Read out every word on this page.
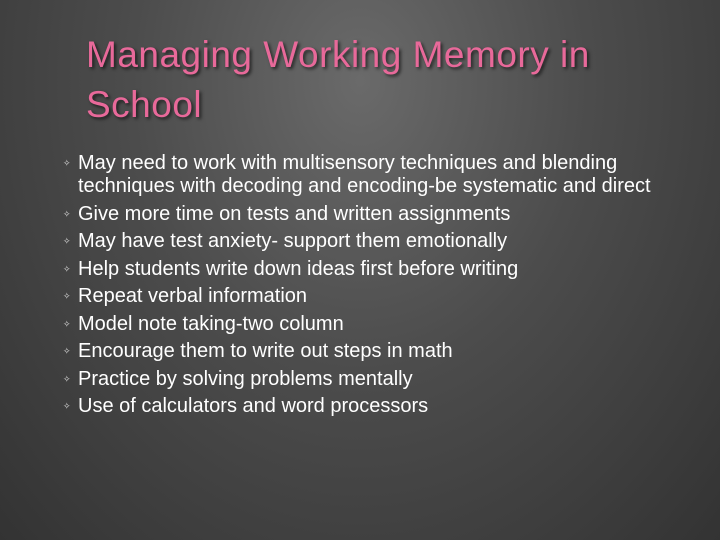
Managing Working Memory in School
✧ May need to work with multisensory techniques and blending techniques with decoding and encoding-be systematic and direct
✧ Give more time on tests and written assignments
✧ May have test anxiety- support them emotionally
✧ Help students write down ideas first before writing
✧ Repeat verbal information
✧ Model note taking-two column
✧ Encourage them to write out steps in math
✧ Practice by solving problems mentally
✧ Use of calculators and word processors
